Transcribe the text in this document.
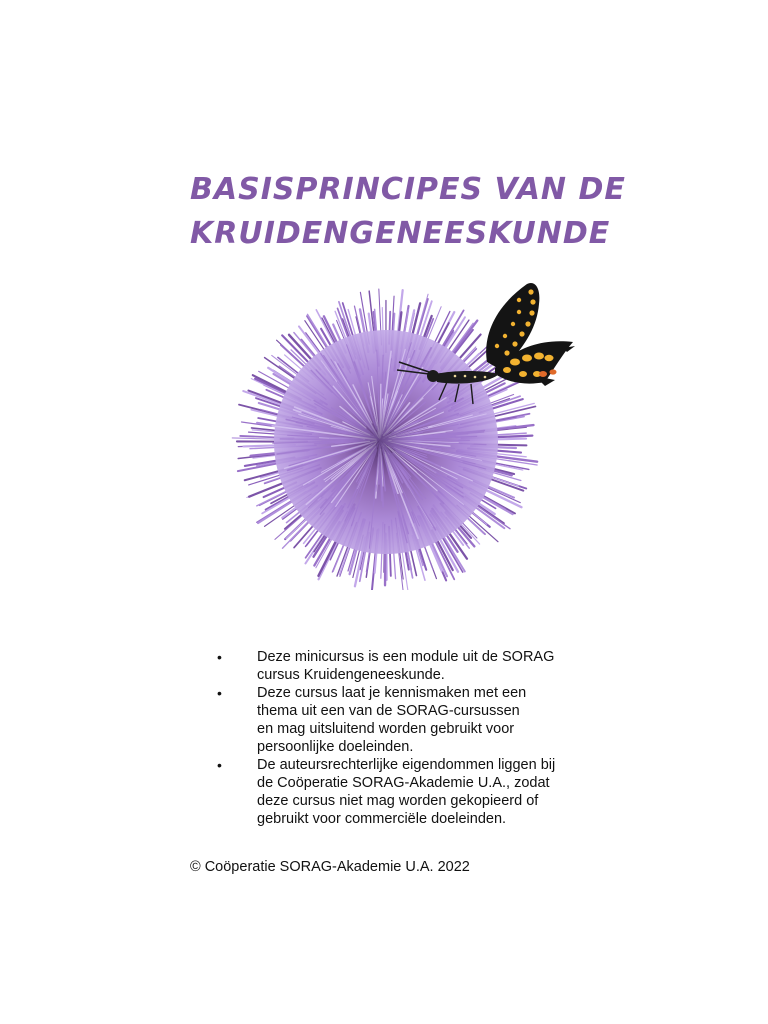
BASISPRINCIPES VAN DE
KRUIDENGENEESKUNDE
• Deze minicursus is een module uit de SORAG
cursus Kruidengeneeskunde.
• Deze cursus laat je kennismaken met een
thema uit een van de SORAG-cursussen
en mag uitsluitend worden gebruikt voor
persoonlijke doeleinden.
• De auteursrechterlijke eigendommen liggen bij
de Coöperatie SORAG-Akademie U.A., zodat
deze cursus niet mag worden gekopieerd of
gebruikt voor commerciële doeleinden.
© Coöperatie SORAG-Akademie U.A. 2022
